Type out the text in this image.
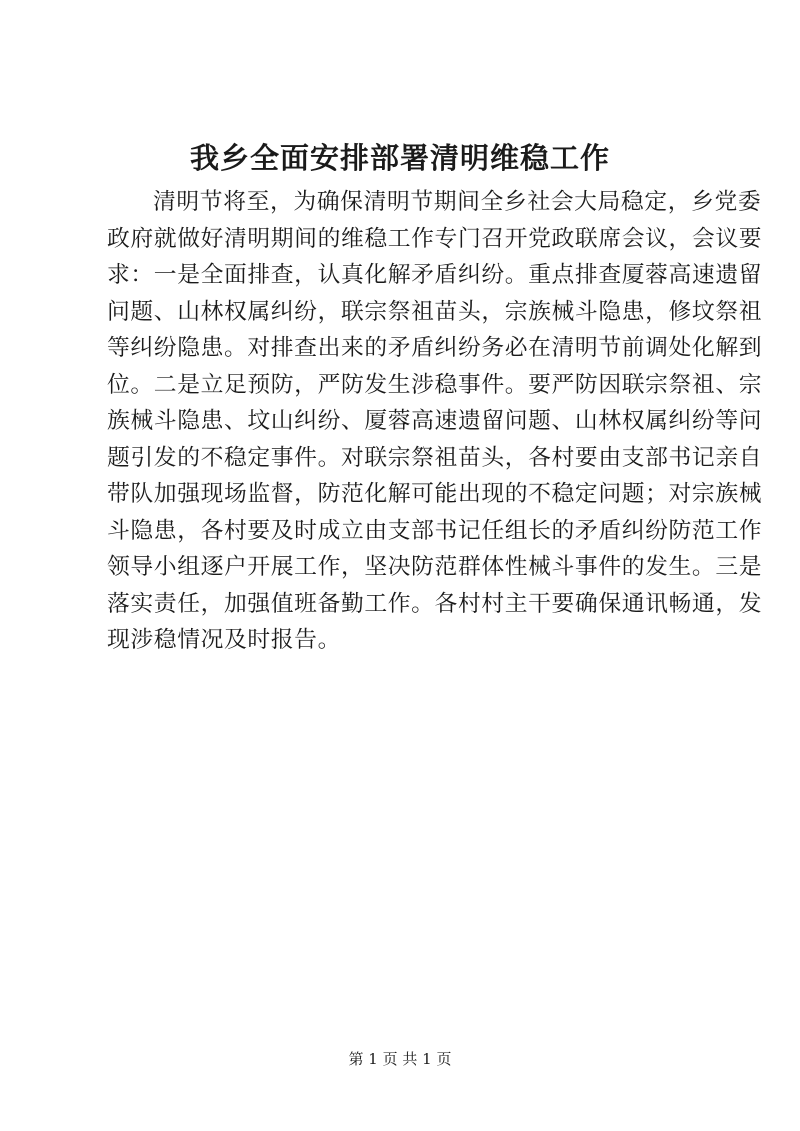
我乡全面安排部署清明维稳工作
清明节将至，为确保清明节期间全乡社会大局稳定，乡党委
政府就做好清明期间的维稳工作专门召开党政联席会议，会议要
求：一是全面排查，认真化解矛盾纠纷。重点排查厦蓉高速遗留
问题、山林权属纠纷，联宗祭祖苗头，宗族械斗隐患，修坟祭祖
等纠纷隐患。对排查出来的矛盾纠纷务必在清明节前调处化解到
位。二是立足预防，严防发生涉稳事件。要严防因联宗祭祖、宗
族械斗隐患、坟山纠纷、厦蓉高速遗留问题、山林权属纠纷等问
题引发的不稳定事件。对联宗祭祖苗头，各村要由支部书记亲自
带队加强现场监督，防范化解可能出现的不稳定问题；对宗族械
斗隐患，各村要及时成立由支部书记任组长的矛盾纠纷防范工作
领导小组逐户开展工作，坚决防范群体性械斗事件的发生。三是
落实责任，加强值班备勤工作。各村村主干要确保通讯畅通，发
现涉稳情况及时报告。
第 1 页 共 1 页
